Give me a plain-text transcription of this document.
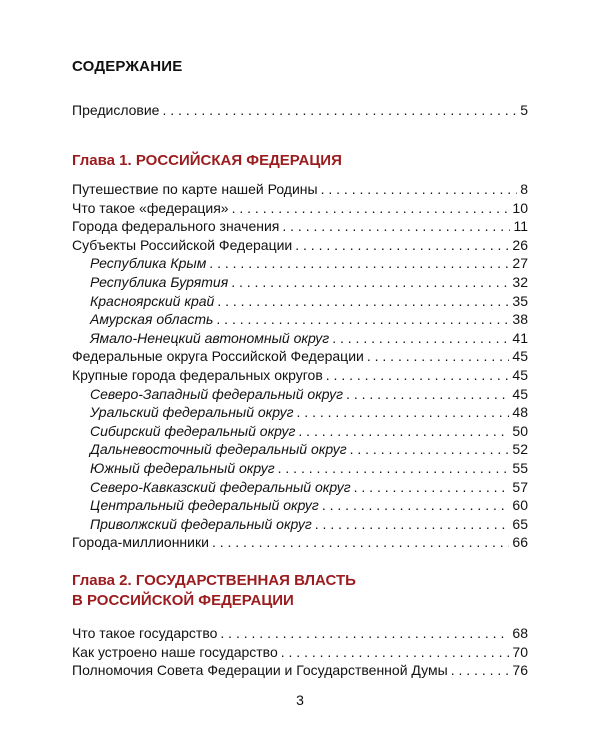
СОДЕРЖАНИЕ
Предисловие . . .	5
Глава 1. РОССИЙСКАЯ ФЕДЕРАЦИЯ
Путешествие по карте нашей Родины . . .	8
Что такое «федерация» . . .	10
Города федерального значения . . .	11
Субъекты Российской Федерации . . .	26
Республика Крым . . .	27
Республика Бурятия . . .	32
Красноярский край . . .	35
Амурская область . . .	38
Ямало-Ненецкий автономный округ . . .	41
Федеральные округа Российской Федерации . . .	45
Крупные города федеральных округов . . .	45
Северо-Западный федеральный округ . . .	45
Уральский федеральный округ . . .	48
Сибирский федеральный округ . . .	50
Дальневосточный федеральный округ . . .	52
Южный федеральный округ . . .	55
Северо-Кавказский федеральный округ . . .	57
Центральный федеральный округ . . .	60
Приволжский федеральный округ . . .	65
Города-миллионники . . .	66
Глава 2. ГОСУДАРСТВЕННАЯ ВЛАСТЬ
В РОССИЙСКОЙ ФЕДЕРАЦИИ
Что такое государство . . .	68
Как устроено наше государство . . .	70
Полномочия Совета Федерации и Государственной Думы . . .	76
3
